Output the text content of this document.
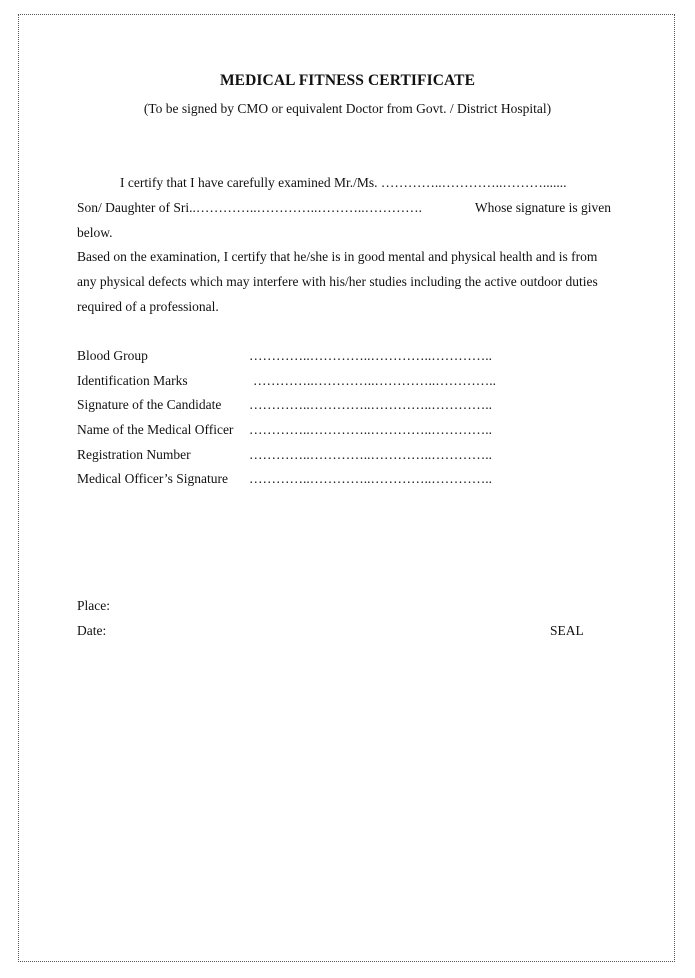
MEDICAL FITNESS CERTIFICATE
(To be signed by CMO or equivalent Doctor from Govt. / District Hospital)
I certify that I have carefully examined Mr./Ms. …………..…………..……….......
Son/ Daughter of Sri..…………..…………..………..………….	Whose signature is given
below.
Based on the examination, I certify that he/she is in good mental and physical health and is from any physical defects which may interfere with his/her studies including the active outdoor duties required of a professional.
Blood Group	…………..…………..…………..…………..
Identification Marks	…………..…………..…………..…………..
Signature of the Candidate …………..…………..…………..…………..
Name of the Medical Officer …………..…………..…………..…………..
Registration Number	…………..…………..…………..…………..
Medical Officer’s Signature …………..…………..…………..…………..
Place:
Date:	SEAL
